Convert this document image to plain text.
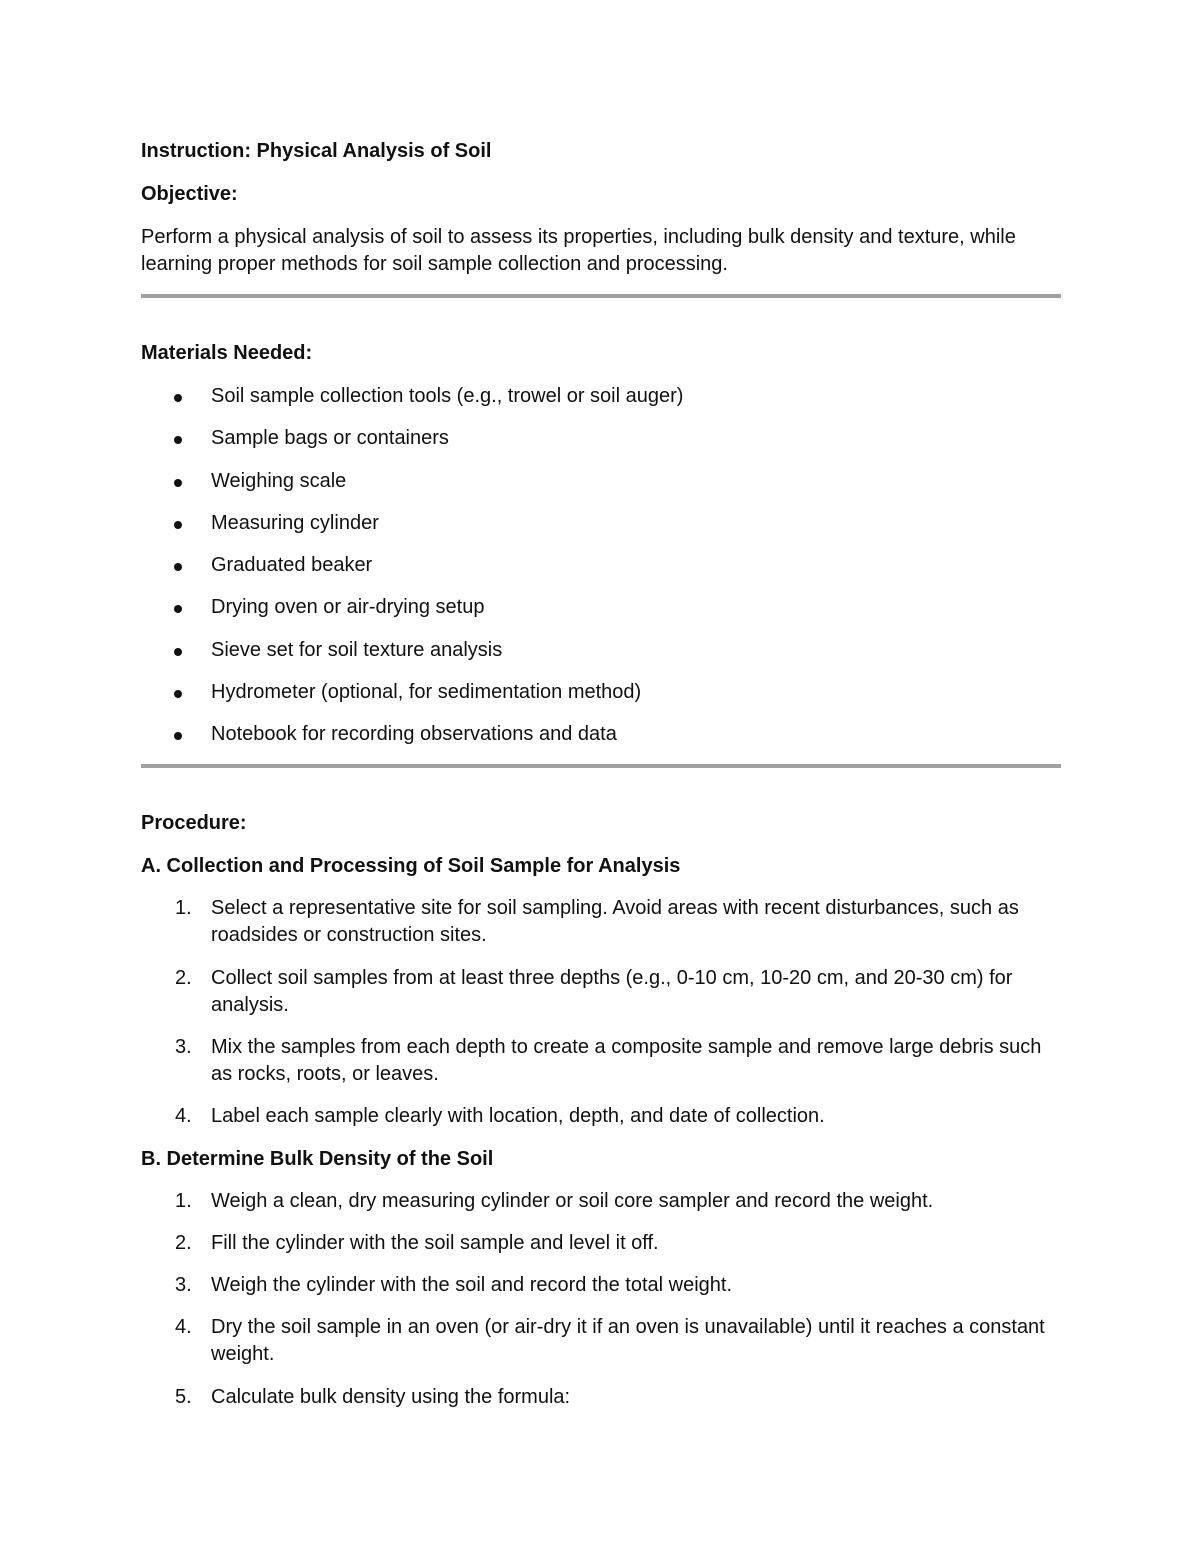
Instruction: Physical Analysis of Soil
Objective:

Perform a physical analysis of soil to assess its properties, including bulk density and texture, while learning proper methods for soil sample collection and processing.

Materials Needed:
Soil sample collection tools (e.g., trowel or soil auger)
Sample bags or containers
Weighing scale
Measuring cylinder
Graduated beaker
Drying oven or air-drying setup
Sieve set for soil texture analysis
Hydrometer (optional, for sedimentation method)
Notebook for recording observations and data
Procedure:
A. Collection and Processing of Soil Sample for Analysis
1. Select a representative site for soil sampling. Avoid areas with recent disturbances, such as roadsides or construction sites.
2. Collect soil samples from at least three depths (e.g., 0-10 cm, 10-20 cm, and 20-30 cm) for analysis.
3. Mix the samples from each depth to create a composite sample and remove large debris such as rocks, roots, or leaves.
4. Label each sample clearly with location, depth, and date of collection.
B. Determine Bulk Density of the Soil
1. Weigh a clean, dry measuring cylinder or soil core sampler and record the weight.
2. Fill the cylinder with the soil sample and level it off.
3. Weigh the cylinder with the soil and record the total weight.
4. Dry the soil sample in an oven (or air-dry it if an oven is unavailable) until it reaches a constant weight.
5. Calculate bulk density using the formula:
